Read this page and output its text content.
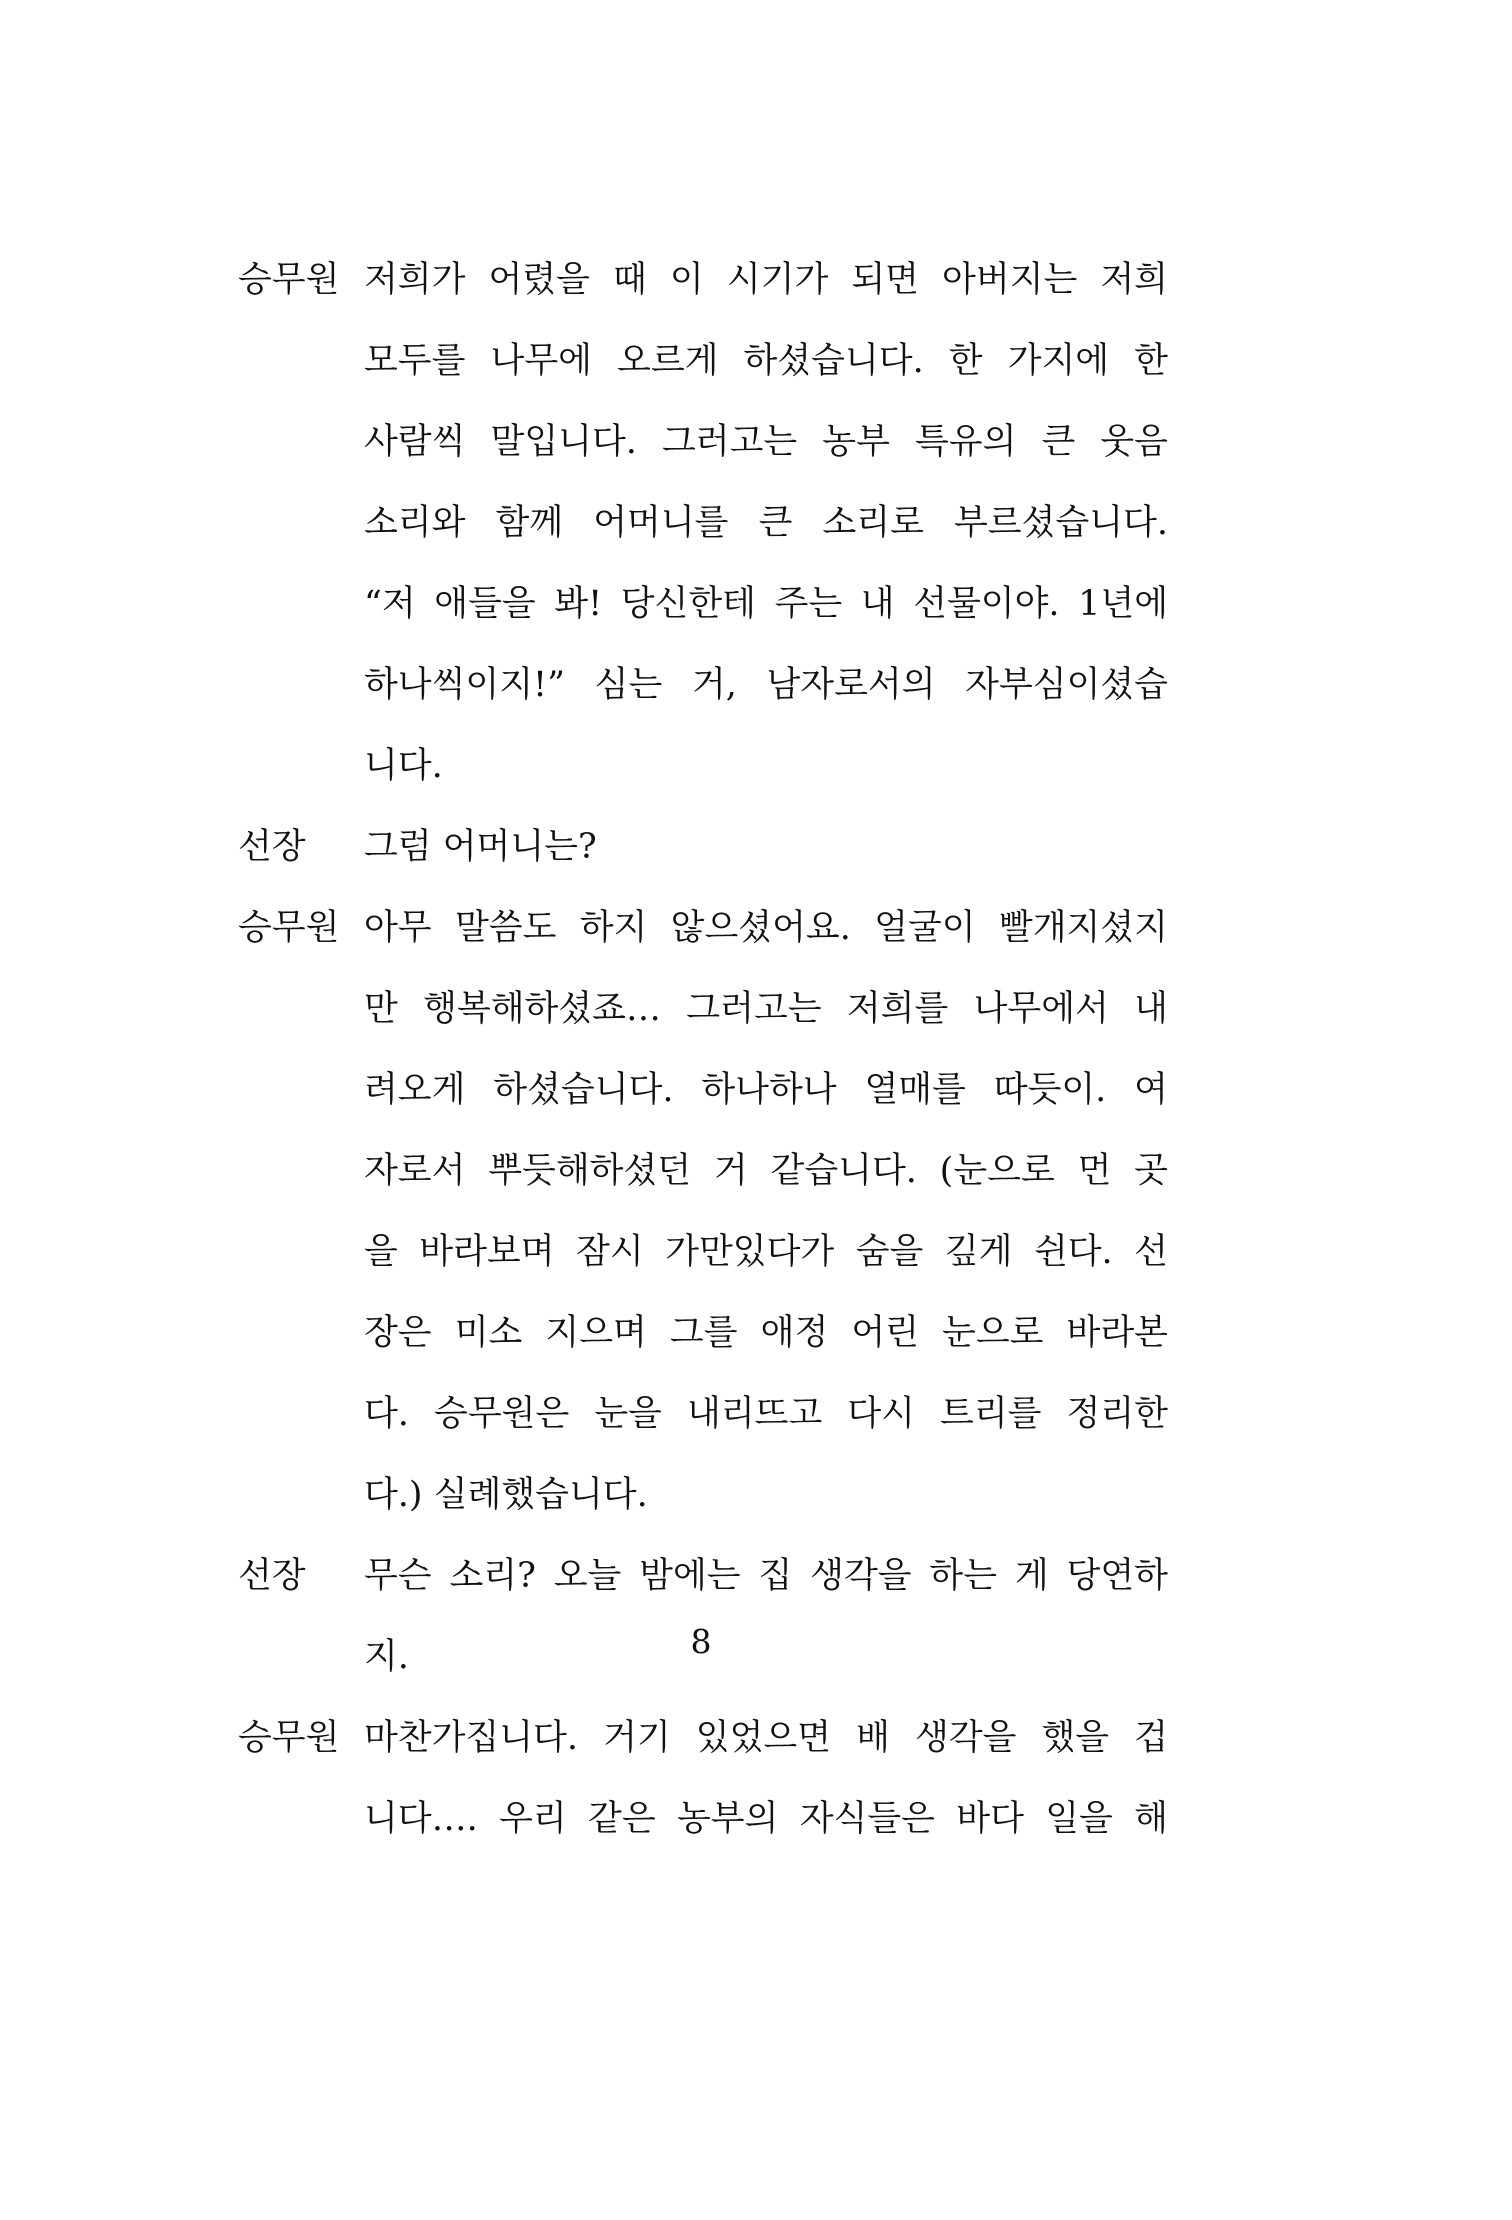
승무원 저희가 어렸을 때 이 시기가 되면 아버지는 저희
모두를 나무에 오르게 하셨습니다. 한 가지에 한
사람씩 말입니다. 그러고는 농부 특유의 큰 웃음
소리와 함께 어머니를 큰 소리로 부르셨습니다.
“저 애들을 봐! 당신한테 주는 내 선물이야. 1년에
하나씩이지!” 심는 거, 남자로서의 자부심이셨습
니다.
선장	그럼 어머니는?
승무원 아무 말씀도 하지 않으셨어요. 얼굴이 빨개지셨지
만 행복해하셨죠… 그러고는 저희를 나무에서 내
려오게 하셨습니다. 하나하나 열매를 따듯이. 여
자로서 뿌듯해하셨던 거 같습니다. (눈으로 먼 곳
을 바라보며 잠시 가만있다가 숨을 깊게 쉰다. 선
장은 미소 지으며 그를 애정 어린 눈으로 바라본
다. 승무원은 눈을 내리뜨고 다시 트리를 정리한
다.) 실례했습니다.
선장	무슨 소리? 오늘 밤에는 집 생각을 하는 게 당연하
지.
승무원 마찬가집니다. 거기 있었으면 배 생각을 했을 겁
니다…. 우리 같은 농부의 자식들은 바다 일을 해
8
